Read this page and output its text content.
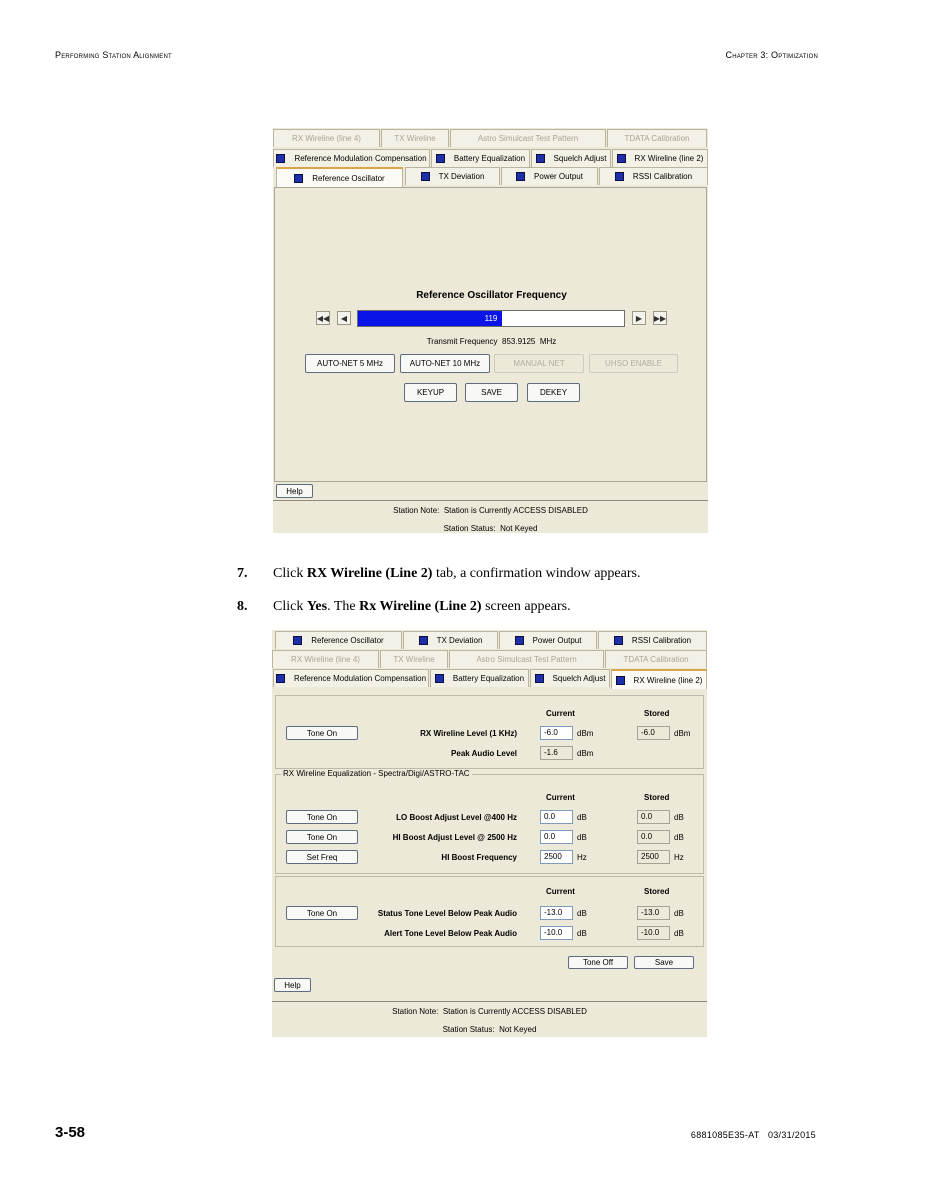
Performing Station Alignment	Chapter 3: Optimization
RX Wireline (line 4)	TX Wireline	Astro Simulcast Test Pattern	TDATA Calibration
Reference Modulation Compensation	Battery Equalization	Squelch Adjust	RX Wireline (line 2)
Reference Oscillator	TX Deviation	Power Output	RSSI Calibration
Reference Oscillator Frequency
◀◀	◀	119	▶	▶▶
Transmit Frequency 853.9125 MHz
AUTO-NET 5 MHz	AUTO-NET 10 MHz	MANUAL NET	UHSO ENABLE
KEYUP	SAVE	DEKEY
Help
Station Note: Station is Currently ACCESS DISABLED
Station Status: Not Keyed
7. Click RX Wireline (Line 2) tab, a confirmation window appears.
8. Click Yes. The Rx Wireline (Line 2) screen appears.
Reference Oscillator	TX Deviation	Power Output	RSSI Calibration
RX Wireline (line 4)	TX Wireline	Astro Simulcast Test Pattern	TDATA Calibration
Reference Modulation Compensation	Battery Equalization	Squelch Adjust	RX Wireline (line 2)
Current	Stored
Tone On	RX Wireline Level (1 KHz)	-6.0	dBm	-6.0	dBm
Peak Audio Level	-1.6	dBm
RX Wireline Equalization - Spectra/Digi/ASTRO-TAC
Current	Stored
Tone On	LO Boost Adjust Level @400 Hz	0.0	dB	0.0	dB
Tone On	HI Boost Adjust Level @ 2500 Hz	0.0	dB	0.0	dB
Set Freq	HI Boost Frequency	2500	Hz	2500	Hz
Current	Stored
Tone On	Status Tone Level Below Peak Audio	-13.0	dB	-13.0	dB
Alert Tone Level Below Peak Audio	-10.0	dB	-10.0	dB
Tone Off	Save
Help
Station Note: Station is Currently ACCESS DISABLED
Station Status: Not Keyed
3-58	6881085E35-AT   03/31/2015
